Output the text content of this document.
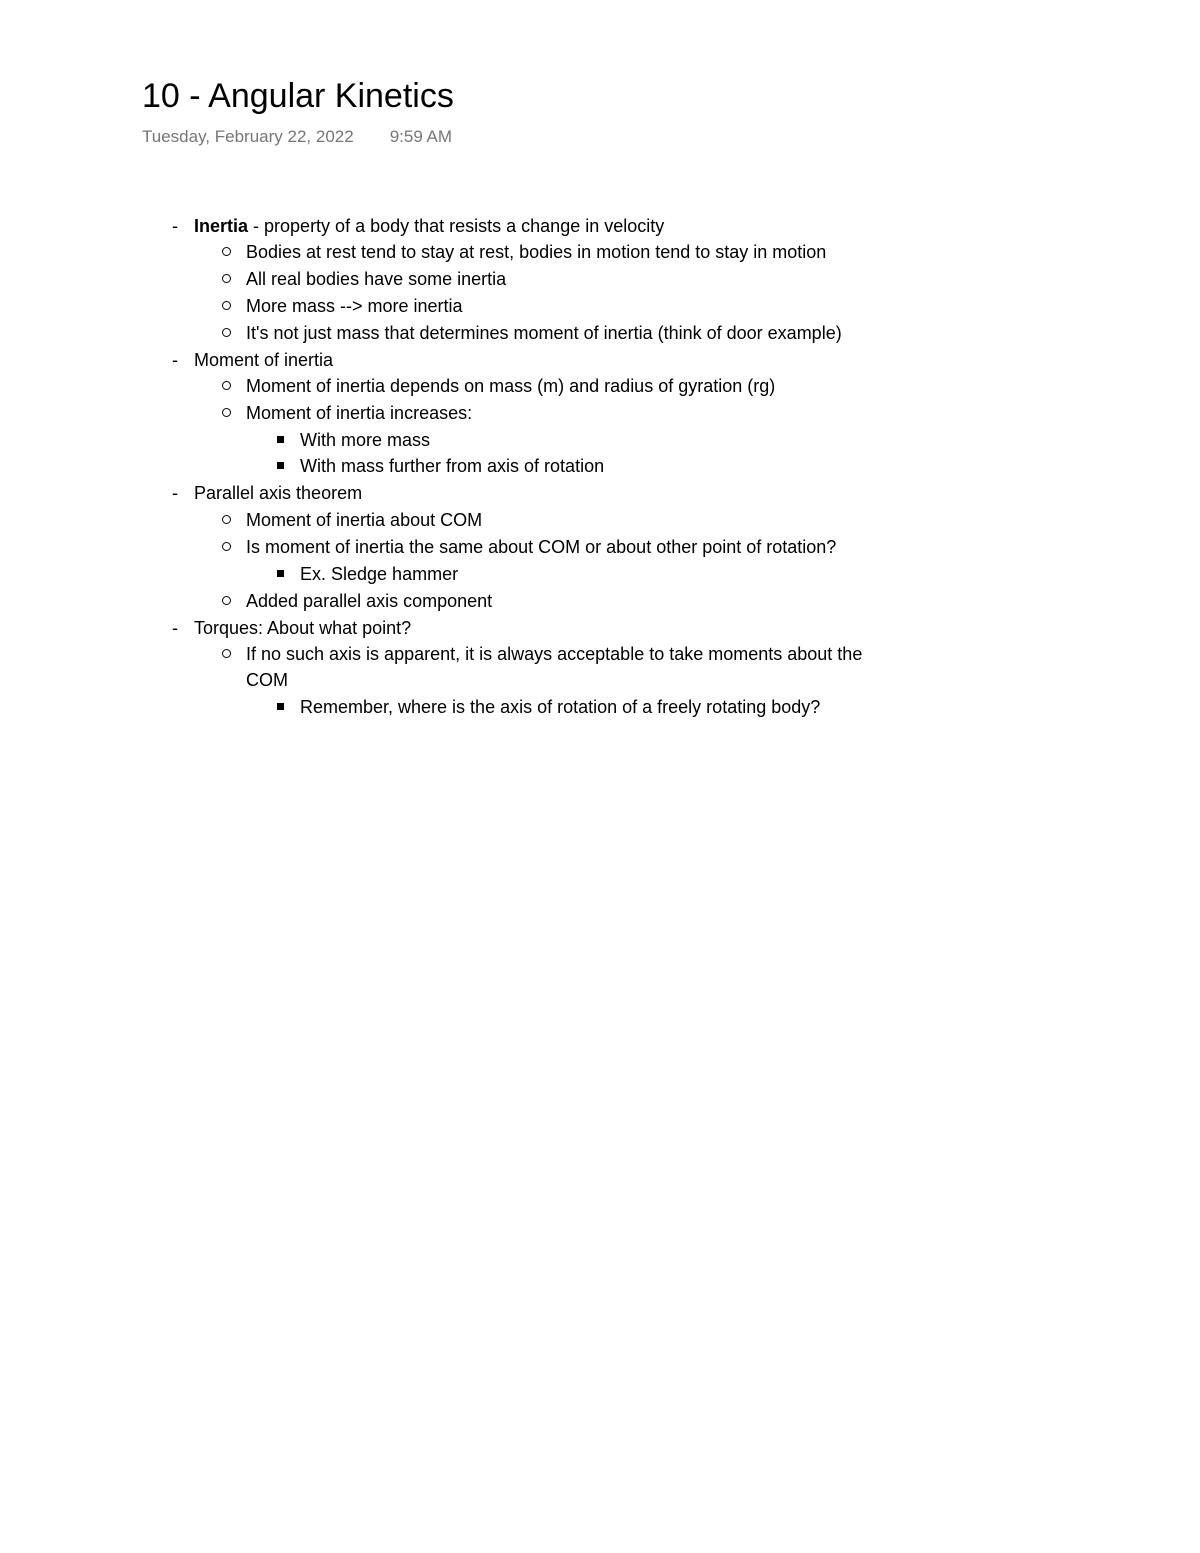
10 - Angular Kinetics
Tuesday, February 22, 2022 9:59 AM
- Inertia - property of a body that resists a change in velocity
Bodies at rest tend to stay at rest, bodies in motion tend to stay in motion
All real bodies have some inertia
More mass --> more inertia
It's not just mass that determines moment of inertia (think of door example)
- Moment of inertia
Moment of inertia depends on mass (m) and radius of gyration (rg)
Moment of inertia increases:
With more mass
With mass further from axis of rotation
- Parallel axis theorem
Moment of inertia about COM
Is moment of inertia the same about COM or about other point of rotation?
Ex. Sledge hammer
Added parallel axis component
- Torques: About what point?
If no such axis is apparent, it is always acceptable to take moments about the
COM
Remember, where is the axis of rotation of a freely rotating body?
